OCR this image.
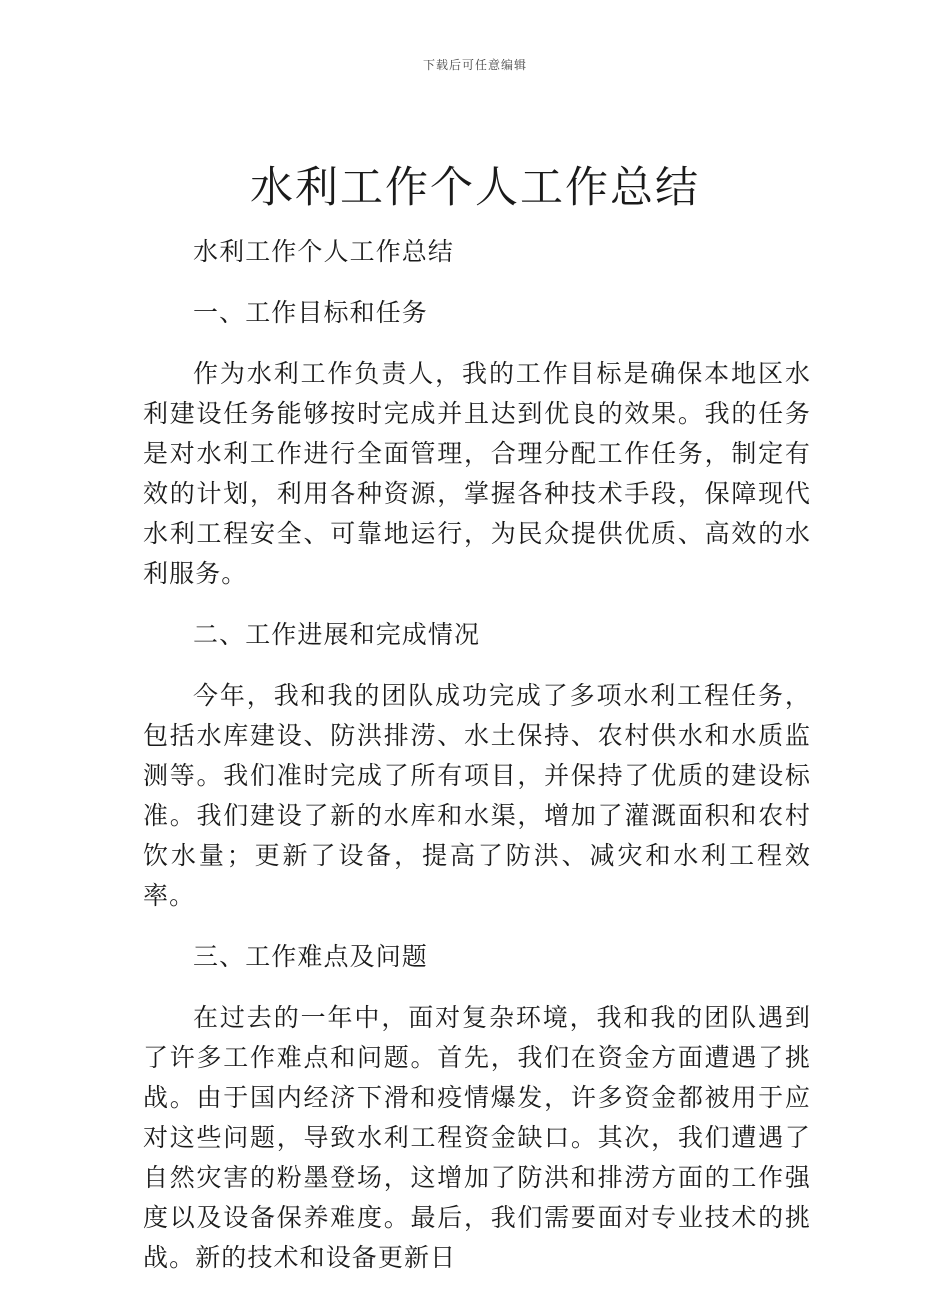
下载后可任意编辑
水利工作个人工作总结

水利工作个人工作总结

一、工作目标和任务

作为水利工作负责人，我的工作目标是确保本地区水利建设任务能够按时完成并且达到优良的效果。我的任务是对水利工作进行全面管理，合理分配工作任务，制定有效的计划，利用各种资源，掌握各种技术手段，保障现代水利工程安全、可靠地运行，为民众提供优质、高效的水利服务。

二、工作进展和完成情况

今年，我和我的团队成功完成了多项水利工程任务，包括水库建设、防洪排涝、水土保持、农村供水和水质监测等。我们准时完成了所有项目，并保持了优质的建设标准。我们建设了新的水库和水渠，增加了灌溉面积和农村饮水量；更新了设备，提高了防洪、减灾和水利工程效率。

三、工作难点及问题

在过去的一年中，面对复杂环境，我和我的团队遇到了许多工作难点和问题。首先，我们在资金方面遭遇了挑战。由于国内经济下滑和疫情爆发，许多资金都被用于应对这些问题，导致水利工程资金缺口。其次，我们遭遇了自然灾害的粉墨登场，这增加了防洪和排涝方面的工作强度以及设备保养难度。最后，我们需要面对专业技术的挑战。新的技术和设备更新日
